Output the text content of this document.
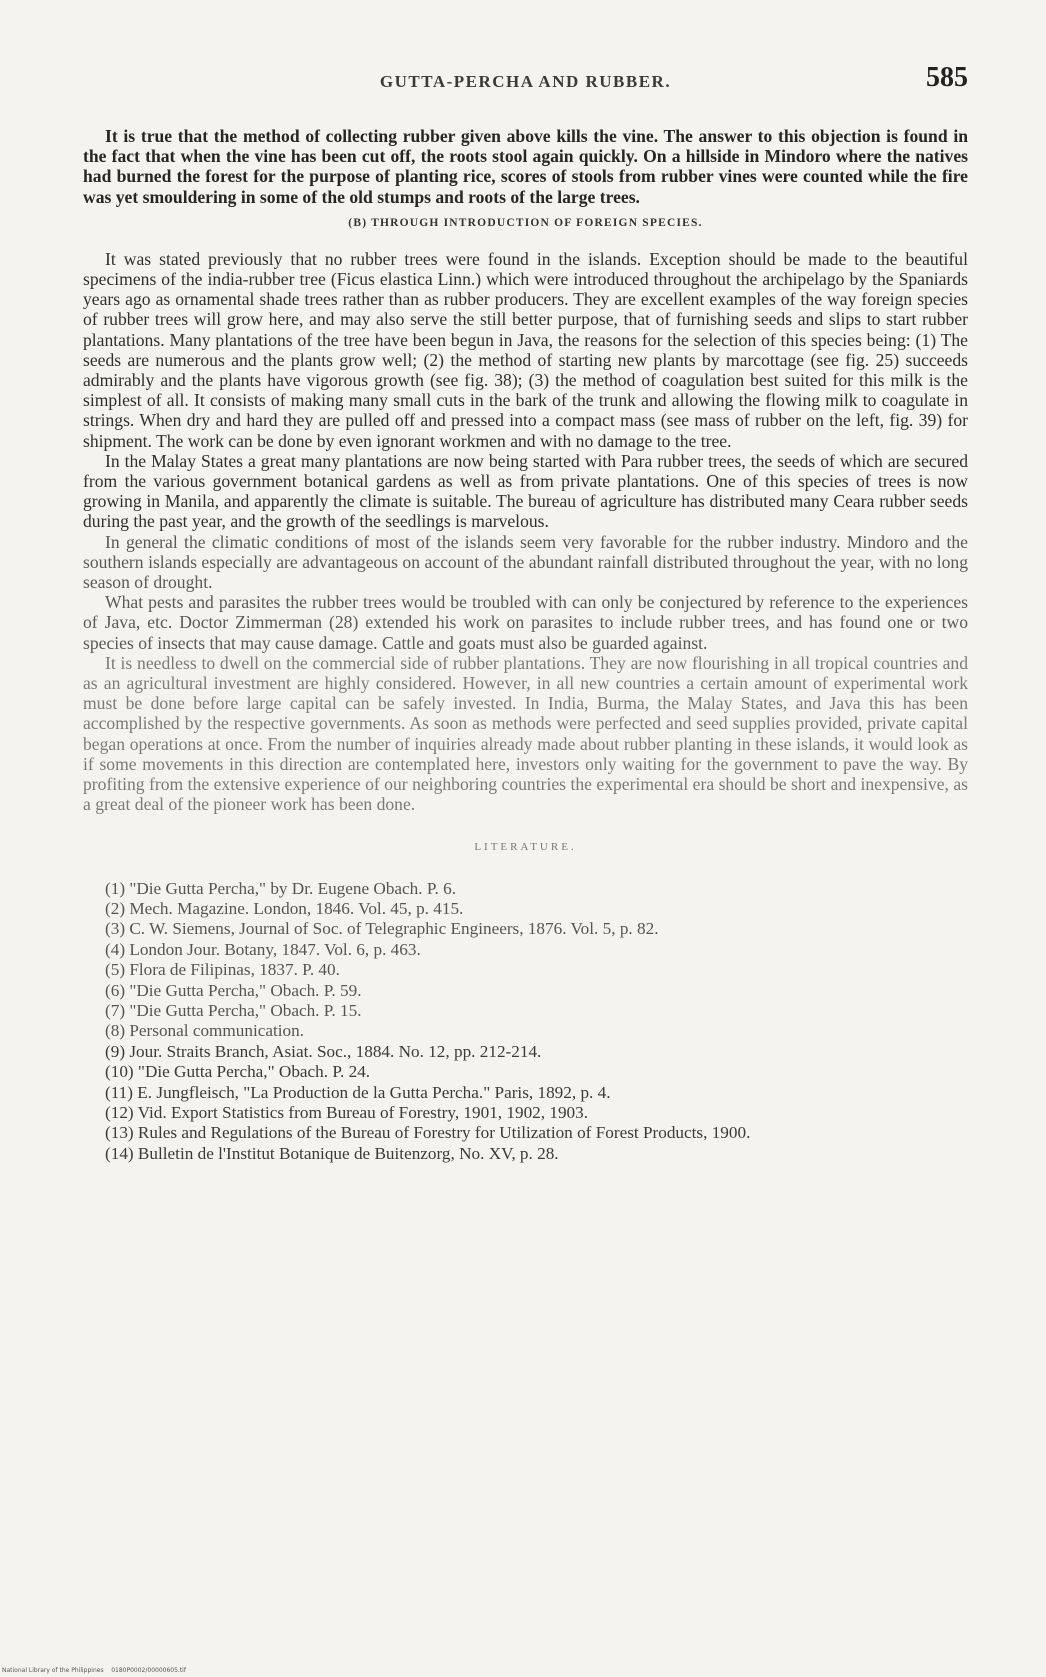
GUTTA-PERCHA AND RUBBER.	585

It is true that the method of collecting rubber given above kills the vine. The answer to this objection is found in the fact that when the vine has been cut off, the roots stool again quickly. On a hillside in Mindoro where the natives had burned the forest for the purpose of planting rice, scores of stools from rubber vines were counted while the fire was yet smouldering in some of the old stumps and roots of the large trees.

(B) THROUGH INTRODUCTION OF FOREIGN SPECIES.

It was stated previously that no rubber trees were found in the islands. Exception should be made to the beautiful specimens of the india-rubber tree (Ficus elastica Linn.) which were introduced throughout the archipelago by the Spaniards years ago as ornamental shade trees rather than as rubber producers. They are excellent examples of the way foreign species of rubber trees will grow here, and may also serve the still better purpose, that of furnishing seeds and slips to start rubber plantations. Many plantations of the tree have been begun in Java, the reasons for the selection of this species being: (1) The seeds are numerous and the plants grow well; (2) the method of starting new plants by marcottage (see fig. 25) succeeds admirably and the plants have vigorous growth (see fig. 38); (3) the method of coagulation best suited for this milk is the simplest of all. It consists of making many small cuts in the bark of the trunk and allowing the flowing milk to coagulate in strings. When dry and hard they are pulled off and pressed into a compact mass (see mass of rubber on the left, fig. 39) for shipment. The work can be done by even ignorant workmen and with no damage to the tree.

In the Malay States a great many plantations are now being started with Para rubber trees, the seeds of which are secured from the various government botanical gardens as well as from private plantations. One of this species of trees is now growing in Manila, and apparently the climate is suitable. The bureau of agriculture has distributed many Ceara rubber seeds during the past year, and the growth of the seedlings is marvelous.

In general the climatic conditions of most of the islands seem very favorable for the rubber industry. Mindoro and the southern islands especially are advantageous on account of the abundant rainfall distributed throughout the year, with no long season of drought.

What pests and parasites the rubber trees would be troubled with can only be conjectured by reference to the experiences of Java, etc. Doctor Zimmerman (28) extended his work on parasites to include rubber trees, and has found one or two species of insects that may cause damage. Cattle and goats must also be guarded against.

It is needless to dwell on the commercial side of rubber plantations. They are now flourishing in all tropical countries and as an agricultural investment are highly considered. However, in all new countries a certain amount of experimental work must be done before large capital can be safely invested. In India, Burma, the Malay States, and Java this has been accomplished by the respective governments. As soon as methods were perfected and seed supplies provided, private capital began operations at once. From the number of inquiries already made about rubber planting in these islands, it would look as if some movements in this direction are contemplated here, investors only waiting for the government to pave the way. By profiting from the extensive experience of our neighboring countries the experimental era should be short and inexpensive, as a great deal of the pioneer work has been done.

LITERATURE.
(1) "Die Gutta Percha," by Dr. Eugene Obach. P. 6.
(2) Mech. Magazine. London, 1846. Vol. 45, p. 415.
(3) C. W. Siemens, Journal of Soc. of Telegraphic Engineers, 1876. Vol. 5, p. 82.
(4) London Jour. Botany, 1847. Vol. 6, p. 463.
(5) Flora de Filipinas, 1837. P. 40.
(6) "Die Gutta Percha," Obach. P. 59.
(7) "Die Gutta Percha," Obach. P. 15.
(8) Personal communication.
(9) Jour. Straits Branch, Asiat. Soc., 1884. No. 12, pp. 212-214.
(10) "Die Gutta Percha," Obach. P. 24.
(11) E. Jungfleisch, "La Production de la Gutta Percha." Paris, 1892, p. 4.
(12) Vid. Export Statistics from Bureau of Forestry, 1901, 1902, 1903.
(13) Rules and Regulations of the Bureau of Forestry for Utilization of Forest Products, 1900.
(14) Bulletin de l'Institut Botanique de Buitenzorg, No. XV, p. 28.
National Library of the Philippines    0180P0002/00000605.tif
